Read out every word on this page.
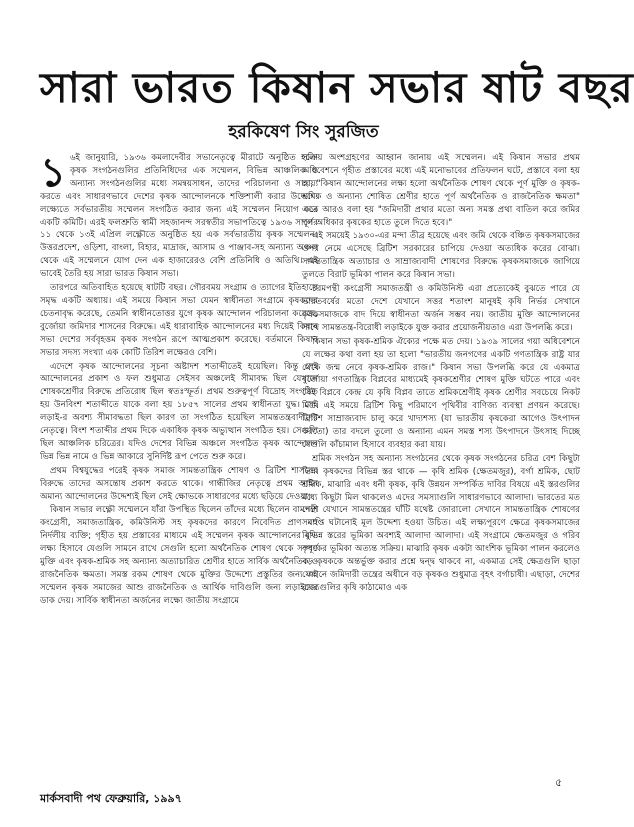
সারা ভারত কিষান সভার ষাট বছর
হরকিষেণ সিং সুরজিত

১ ৬ই জানুয়ারি, ১৯৩৬ কমলাদেবীর সভানেতৃত্বে মীরাটে অনুষ্ঠিত হলো কৃষক সংগঠনগুলির প্রতিনিধিদের এক সম্মেলন, বিভিন্ন আঞ্চলিক ও অন্যান্য সংগঠনগুলির মধ্যে সমন্বয়সাধন, তাদের পরিচালনা ও সাহায্য করতে এবং সাধারণভাবে দেশের কৃষক আন্দোলনকে শক্তিশালী করার উদ্দেশ্যে লক্ষ্যেতে সর্বভারতীয় সম্মেলন সংগঠিত করার জন্য এই সম্মেলন নিয়োগ করে একটি কমিটি। এরই ফলশ্রুতি স্বামী সহজানন্দ সরস্বতীর সভাপতিত্বে ১৯৩৬ সালের ১১ থেকে ১৩ই এপ্রিল লক্ষ্ণৌতে অনুষ্ঠিত হয় এক সর্বভারতীয় কৃষক সম্মেলন। উত্তরপ্রদেশ, ওড়িশা, বাংলা, বিহার, মাদ্রাজ, আসাম ও পাঞ্জাব-সহ অন্যান্য অঞ্চল থেকে এই সম্মেলনে যোগ দেন এক হাজারেরও বেশি প্রতিনিধি ও অতিথি। এই ভাবেই তৈরি হয় সারা ভারত কিষান সভা।

তারপরে অতিবাহিত হয়েছে ষাটটি বছর। গৌরবময় সংগ্রাম ও ত্যাগের ইতিহাসে সমৃদ্ধ একটি অধ্যায়। এই সময়ে কিষান সভা যেমন স্বাধীনতা সংগ্রামে কৃষকদের চেতনাবৃদ্ধ করেছে, তেমনি স্বাধীনতোত্তর যুগে কৃষক আন্দোলন পরিচালনা করেছে, বুর্জোয়া জমিদার শাসনের বিরুদ্ধে। এই ধারাবাহিক আন্দোলনের মধ্য দিয়েই কিষান সভা দেশের সর্ববৃহত্তম কৃষক সংগঠন রূপে আত্মপ্রকাশ করেছে। বর্তমানে কিষান সভার সদস্য সংখ্যা এক কোটি তিরিশ লক্ষেরও বেশি।

এদেশে কৃষক আন্দোলনের সূচনা অষ্টাদশ শতাব্দীতেই হয়েছিল। কিন্তু সেই আন্দোলনের প্রকাশ ও ফল শুধুমাত্র সেইসব অঞ্চলেই সীমাবদ্ধ ছিল যেখানে শোষকশ্রেণীর বিরুদ্ধে প্রতিরোধ ছিল স্বতঃস্ফূর্ত। প্রথম শুরুত্বপূর্ণ বিদ্রোহ সংগঠিত হয় উনবিংশ শতাব্দীতে যাকে বলা হয় ১৮৫৭ সালের প্রথম স্বাধীনতা যুদ্ধ। সেই লড়াই-র অবশ্য সীমাবদ্ধতা ছিল কারণ তা সংগঠিত হয়েছিল সামন্ততন্ত্রবাদীদের নেতৃত্বে। বিংশ শতাব্দীর প্রথম দিকে একাধিক কৃষক অভ্যুত্থান সংগঠিত হয়। সেগুলি ছিল আঞ্চলিক চরিত্রের। যদিও দেশের বিভিন্ন অঞ্চলে সংগঠিত কৃষক আন্দোলন ভিন্ন ভিন্ন নামে ও ভিন্ন আকারে সুনির্দিষ্ট রূপ পেতে শুরু করে।

প্রথম বিশ্বযুদ্ধের পরেই কৃষক সমাজ সামন্ততান্ত্রিক শোষণ ও ব্রিটিশ শাসনের বিরুদ্ধে তাদের অসন্তোষ প্রকাশ করতে থাকে। গান্ধীজির নেতৃত্বে প্রথম আইন অমান্য আন্দোলনের উদ্দেশ্যই ছিল সেই ক্ষোভকে সাধারণের মধ্যে ছড়িয়ে দেওয়া।

কিষান সভার লক্ষ্ণৌ সম্মেলনে যাঁরা উপস্থিত ছিলেন তাঁদের মধ্যে ছিলেন বামপন্থী কংগ্রেসী, সমাজতান্ত্রিক, কমিউনিস্ট সহ কৃষকদের কারণে নিবেদিত প্রাণ বহু নির্দলীয় ব্যক্তি; গৃহীত হয় প্রস্তাবের মাধ্যমে এই সম্মেলন কৃষক আন্দোলনের মুখ্য লক্ষ্য হিসাবে যেগুলি সামনে রাখে সেগুলি হলো অর্থনৈতিক শোষণ থেকে সম্পূর্ণ মুক্তি এবং কৃষক-শ্রমিক সহ অন্যান্য অত্যাচারিত শ্রেণীর হাতে সার্বিক অর্থনৈতিক ও রাজনৈতিক ক্ষমতা। সমস্ত রকম শোষণ থেকে মুক্তির উদ্দেশ্যে প্রস্তুতির জন্য এই সম্মেলন কৃষক সমাজের আশু রাজনৈতিক ও আর্থিক দাবিগুলি জন্য লড়াইয়ের ডাক দেয়। সার্বিক স্বাধীনতা অর্জনের লক্ষ্যে জাতীয় সংগ্রামে

সক্রিয় অংশগ্রহণের আহ্বান জানায় এই সম্মেলন। এই কিষান সভার প্রথম অধিবেশনে গৃহীত প্রস্তাবের মধ্যে এই মনোভাবের প্রতিফলন ঘটে, প্রস্তাবে বলা হয় যে, "কিষান আন্দোলনের লক্ষ্য হলো অর্থনৈতিক শোষণ থেকে পূর্ণ মুক্তি ও কৃষক-শ্রমিক ও অন্যান্য শোষিত শ্রেণীর হাতে পূর্ণ অর্থনৈতিক ও রাজনৈতিক ক্ষমতা" এতে আরও বলা হয় "জমিদারী প্রথার মতো অন্য সমস্ত প্রথা বাতিল করে জমির পূর্ণ অধিকার কৃষকের হাতে তুলে দিতে হবে।"

এই সময়েই ১৯৩০-এর মন্দা তীব্র হয়েছে এবং জমি থেকে বঞ্চিত কৃষকসমাজের ওপর নেমে এসেছে ব্রিটিশ সরকারের চাপিয়ে দেওয়া অত্যধিক করের বোঝা। সামন্ততান্ত্রিক অত্যাচার ও সাম্রাজ্যবাদী শোষণের বিরুদ্ধে কৃষকসমাজকে জাগিয়ে তুলতে বিরাট ভূমিকা পালন করে কিষান সভা।

চরমপন্থী কংগ্রেসী সমাজতন্ত্রী ও কমিউনিস্ট এরা প্রত্যেকেই বুঝতে পারে যে ভারতবর্ষের মতো দেশে যেখানে সত্তর শতাংশ মানুষই কৃষি নির্ভর সেখানে কৃষকসমাজকে বাদ দিয়ে স্বাধীনতা অর্জন সম্ভব নয়। জাতীয় মুক্তি আন্দোলনের সাথে সামন্ততন্ত্র-বিরোধী লড়াইকে যুক্ত করার প্রয়োজনীয়তাও এরা উপলব্ধি করে।

কিষান সভা কৃষক-শ্রমিক ঐক্যের পক্ষে মত দেয়। ১৯৩৯ সালের গয়া অধিবেশনে যে লক্ষের কথা বলা হয় তা হলো "ভারতীয় জনগণের একটি গণতান্ত্রিক রাষ্ট্র যার থেকে জন্ম নেবে কৃষক-শ্রমিক রাজ।" কিষান সভা উপলব্ধি করে যে একমাত্র বুর্জোয়া গণতান্ত্রিক বিপ্লবের মাধ্যমেই কৃষকশ্রেণীর শোষণ মুক্তি ঘটতে পারে এবং সেই বিপ্লবে কেন্দ্র যে কৃষি বিপ্লব তাতে শ্রমিকশ্রেণীই কৃষক শ্রেণীর সবচেয়ে নিকট মিত্র। এই সময়ে ব্রিটিশ কিছু পরিমাণে পৃথিবীর বাণিজ্য ব্যবস্থা প্রণয়ন করেছে। ব্রিটিশ সাম্রাজ্যবাদ চালু করে খাদ্যশস্য (যা ভারতীয় কৃষকেরা আগেও উৎপাদন করতো) তার বদলে তুলো ও অন্যান্য এমন সমস্ত শস্য উৎপাদনে উৎসাহ দিচ্ছে যেগুলি কাঁচামাল হিসাবে ব্যবহার করা যায়।

শ্রমিক সংগঠন সহ অন্যান্য সংগঠনের থেকে কৃষক সংগঠনের চরিত্র বেশ কিছুটা ভিন্ন। কৃষকদের বিভিন্ন স্তর থাকে — কৃষি শ্রমিক (ক্ষেতমজুর), বর্গা শ্রমিক, ছোট শ্রমিক, মাঝারি এবং ধনী কৃষক, কৃষি উন্নয়ন সম্পর্কিত দাবির বিষয়ে এই স্তরগুলির মধ্যে কিছুটা মিল থাকলেও এদের সমস্যাগুলি সাধারণভাবে আলাদা। ভারতের মত দেশে যেখানে সামন্ততন্ত্রের ঘাঁটি যথেষ্ট জোরালো সেখানে সামন্ততান্ত্রিক শোষণের সমাপ্তি ঘটানোই মূল উদ্দেশ্য হওয়া উচিত। এই লক্ষ্যপূরণে ক্ষেত্রে কৃষকসমাজের বিভিন্ন স্তরের ভূমিকা অবশ্যই আলাদা আলাদা। এই সংগ্রামে ক্ষেতমজুর ও গরিব কৃষকের ভূমিকা অত্যন্ত সক্রিয়। মাঝারি কৃষক একটা আংশিক ভূমিকা পালন করলেও বড় কৃষককে অন্তর্ভুক্ত করার প্রশ্নে দ্বন্দ্ব থাকবে না, একমাত্র সেই ক্ষেত্রগুলি ছাড়া যেখানে জমিদারী তন্ত্রের অধীনে বড় কৃষকও শুধুমাত্র বৃহৎ বর্গাচাষী। এছাড়া, দেশের রাজ্যগুলির কৃষি কাঠামোও এক

৫
মার্কসবাদী পথ ফেব্রুয়ারি, ১৯৯৭
